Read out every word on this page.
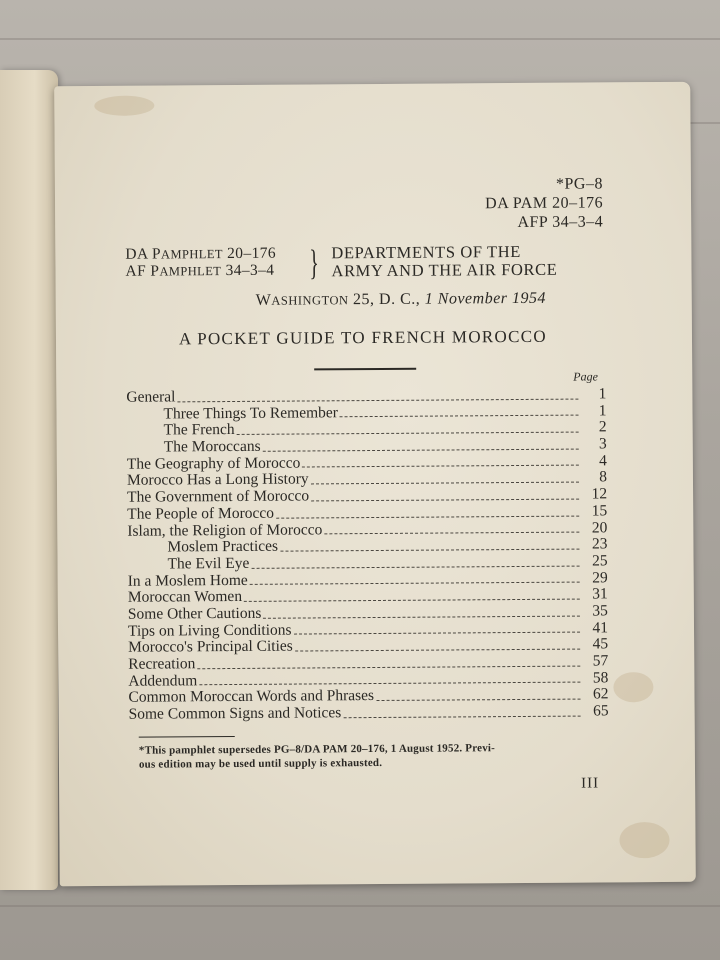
*PG–8
DA PAM 20–176
AFP 34–3–4
DA PAMPHLET 20–176
AF PAMPHLET 34–3–4 } DEPARTMENTS OF THE
ARMY AND THE AIR FORCE
WASHINGTON 25, D. C., 1 November 1954
A POCKET GUIDE TO FRENCH MOROCCO
Page
General	1
Three Things To Remember	1
The French	2
The Moroccans	3
The Geography of Morocco	4
Morocco Has a Long History	8
The Government of Morocco	12
The People of Morocco	15
Islam, the Religion of Morocco	20
Moslem Practices	23
The Evil Eye	25
In a Moslem Home	29
Moroccan Women	31
Some Other Cautions	35
Tips on Living Conditions	41
Morocco's Principal Cities	45
Recreation	57
Addendum	58
Common Moroccan Words and Phrases	62
Some Common Signs and Notices	65
*This pamphlet supersedes PG–8/DA PAM 20–176, 1 August 1952. Previ-
ous edition may be used until supply is exhausted.
III
